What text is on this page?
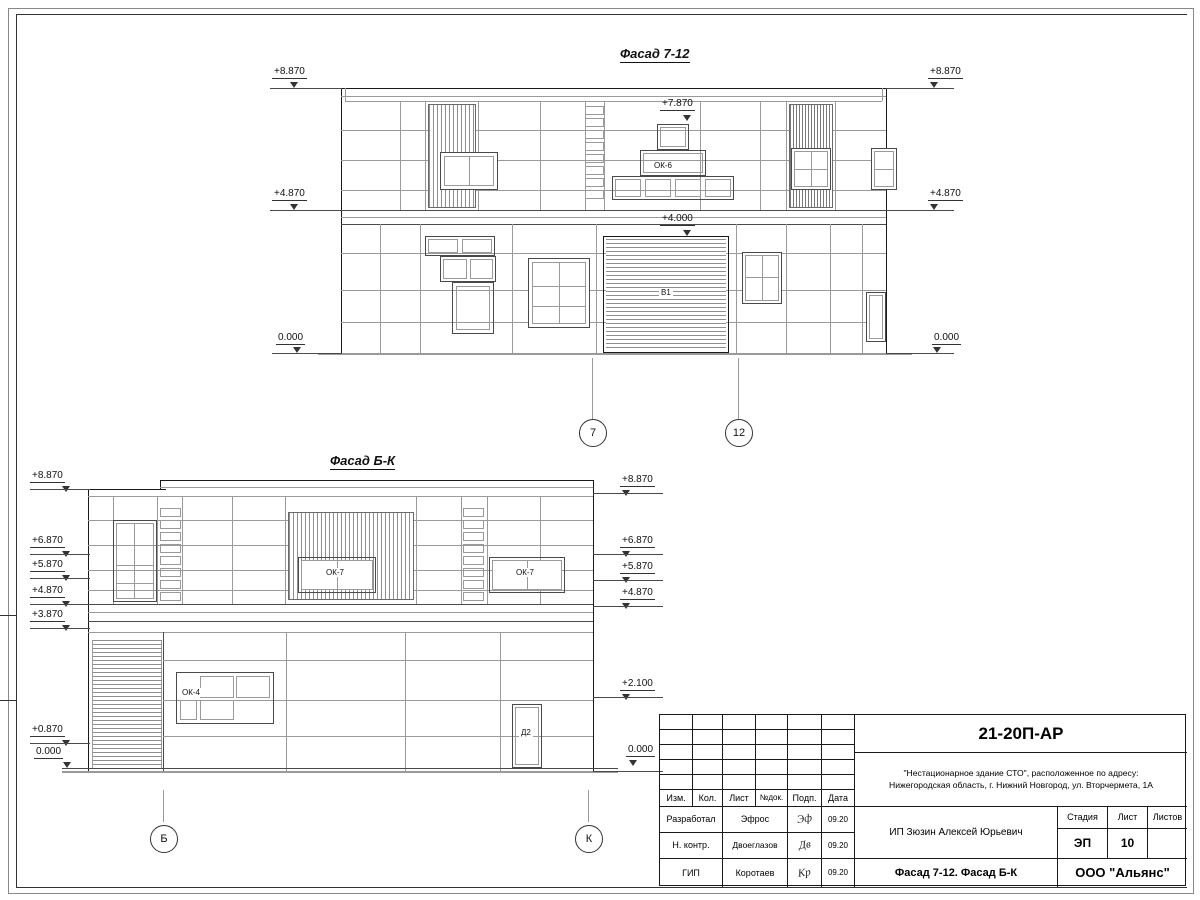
Фасад 7-12
ОК-6
В1
+8.870
+4.870
0.000
+8.870
+4.870
0.000
+7.870
+4.000
7	12
Фасад Б-К
ОК-7	ОК-7
ОК-4
Д2
+8.870
+6.870
+5.870
+4.870
+3.870
+0.870
0.000
+8.870
+6.870
+5.870
+4.870
+2.100
0.000
Б	К
Изм.	Кол.	Лист	№док.	Подп.	Дата
Разработал	Эфрос	Эф	09.20
Н. контр.	Двоеглазов	Дв	09.20
ГИП	Коротаев	Кр	09.20
21-20П-АР
"Нестационарное здание СТО", расположенное по адресу:
Нижегородская область, г. Нижний Новгород, ул. Вторчермета, 1А
ИП Зюзин Алексей Юрьевич
Стадия	Лист	Листов
ЭП	10
Фасад 7-12. Фасад Б-К	ООО "Альянс"
